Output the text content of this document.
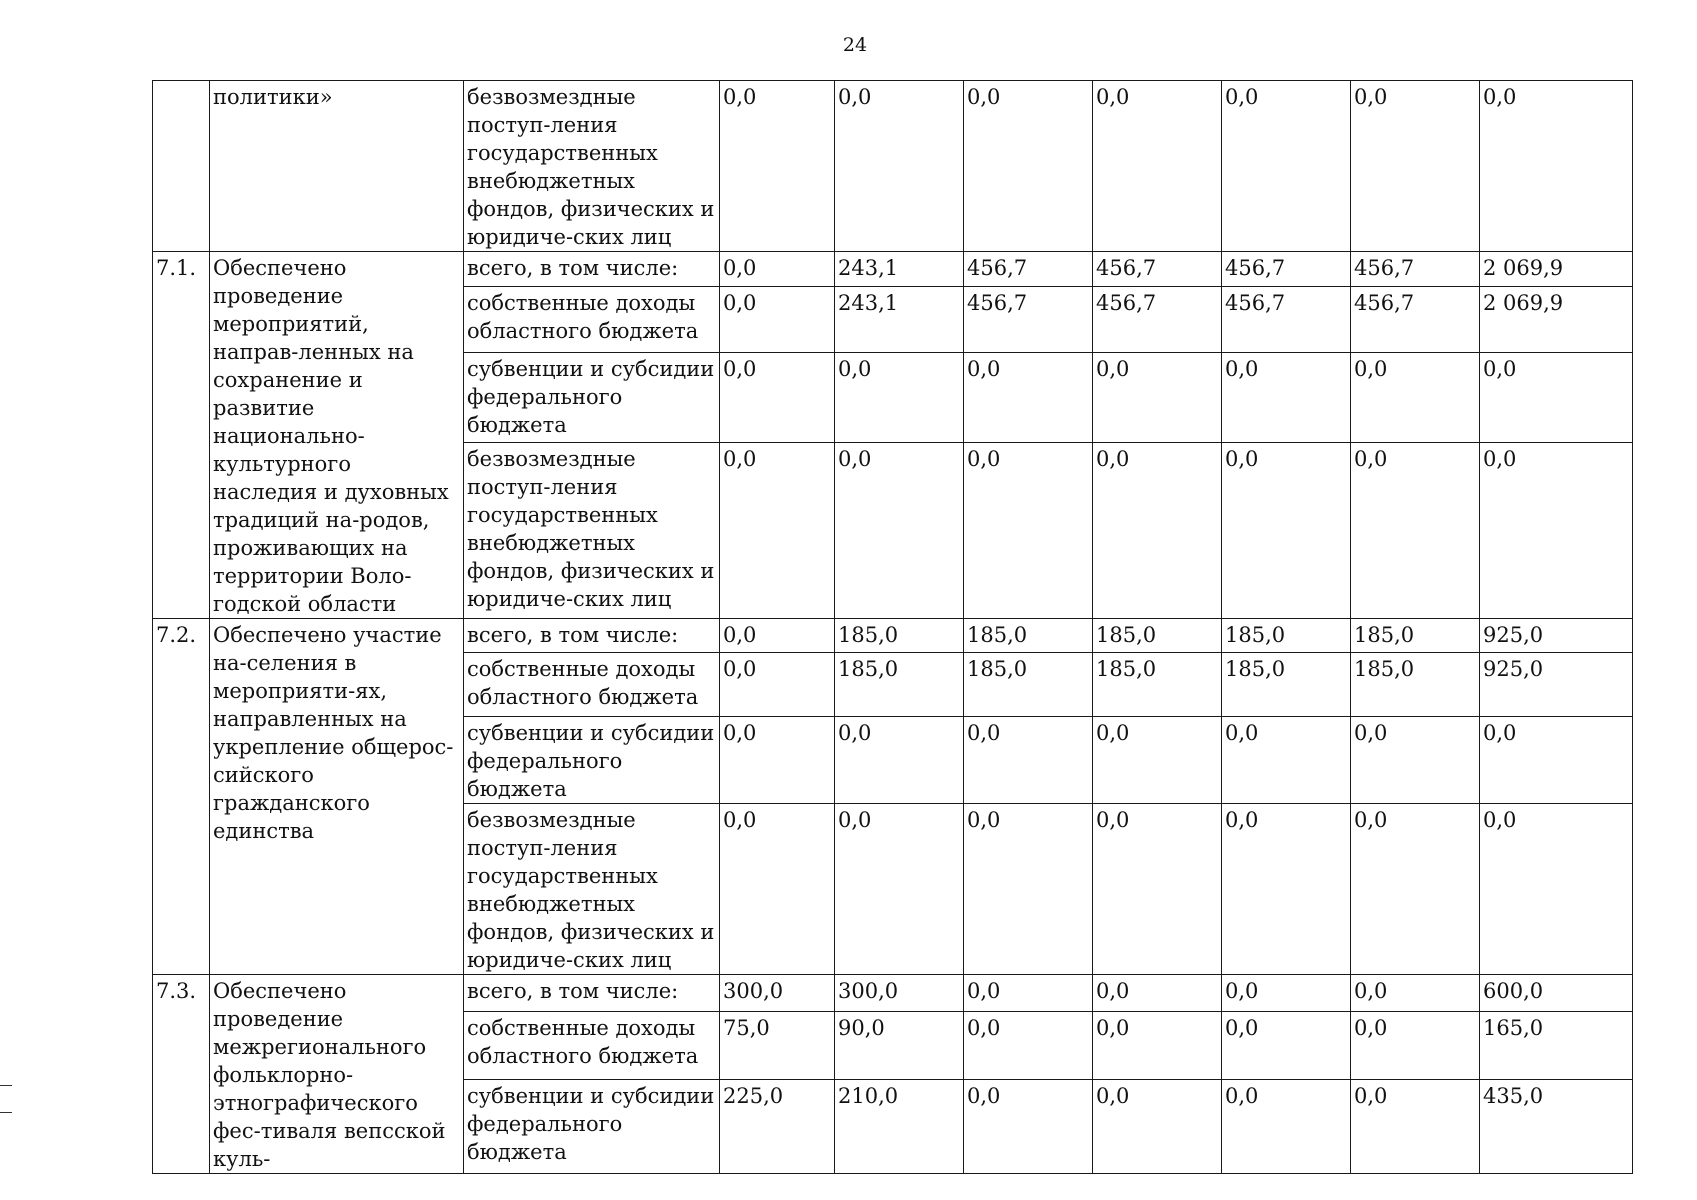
24
	политики»	безвозмездные поступ-ления государственных внебюджетных фондов, физических и юридиче-ских лиц	0,0	0,0	0,0	0,0	0,0	0,0	0,0
7.1.	Обеспечено проведение мероприятий, направ-ленных на сохранение и развитие национально-культурного наследия и духовных традиций на-родов, проживающих на территории Воло-годской области	всего, в том числе:	0,0	243,1	456,7	456,7	456,7	456,7	2 069,9
		собственные доходы областного бюджета	0,0	243,1	456,7	456,7	456,7	456,7	2 069,9
		субвенции и субсидии федерального бюджета	0,0	0,0	0,0	0,0	0,0	0,0	0,0
		безвозмездные поступ-ления государственных внебюджетных фондов, физических и юридиче-ских лиц	0,0	0,0	0,0	0,0	0,0	0,0	0,0
7.2.	Обеспечено участие на-селения в мероприяти-ях, направленных на укрепление общерос-сийского гражданского единства	всего, в том числе:	0,0	185,0	185,0	185,0	185,0	185,0	925,0
		собственные доходы областного бюджета	0,0	185,0	185,0	185,0	185,0	185,0	925,0
		субвенции и субсидии федерального бюджета	0,0	0,0	0,0	0,0	0,0	0,0	0,0
		безвозмездные поступ-ления государственных внебюджетных фондов, физических и юридиче-ских лиц	0,0	0,0	0,0	0,0	0,0	0,0	0,0
7.3.	Обеспечено проведение межрегионального фольклорно-этнографического фес-тиваля вепсской куль-	всего, в том числе:	300,0	300,0	0,0	0,0	0,0	0,0	600,0
		собственные доходы областного бюджета	75,0	90,0	0,0	0,0	0,0	0,0	165,0
		субвенции и субсидии федерального бюджета	225,0	210,0	0,0	0,0	0,0	0,0	435,0
